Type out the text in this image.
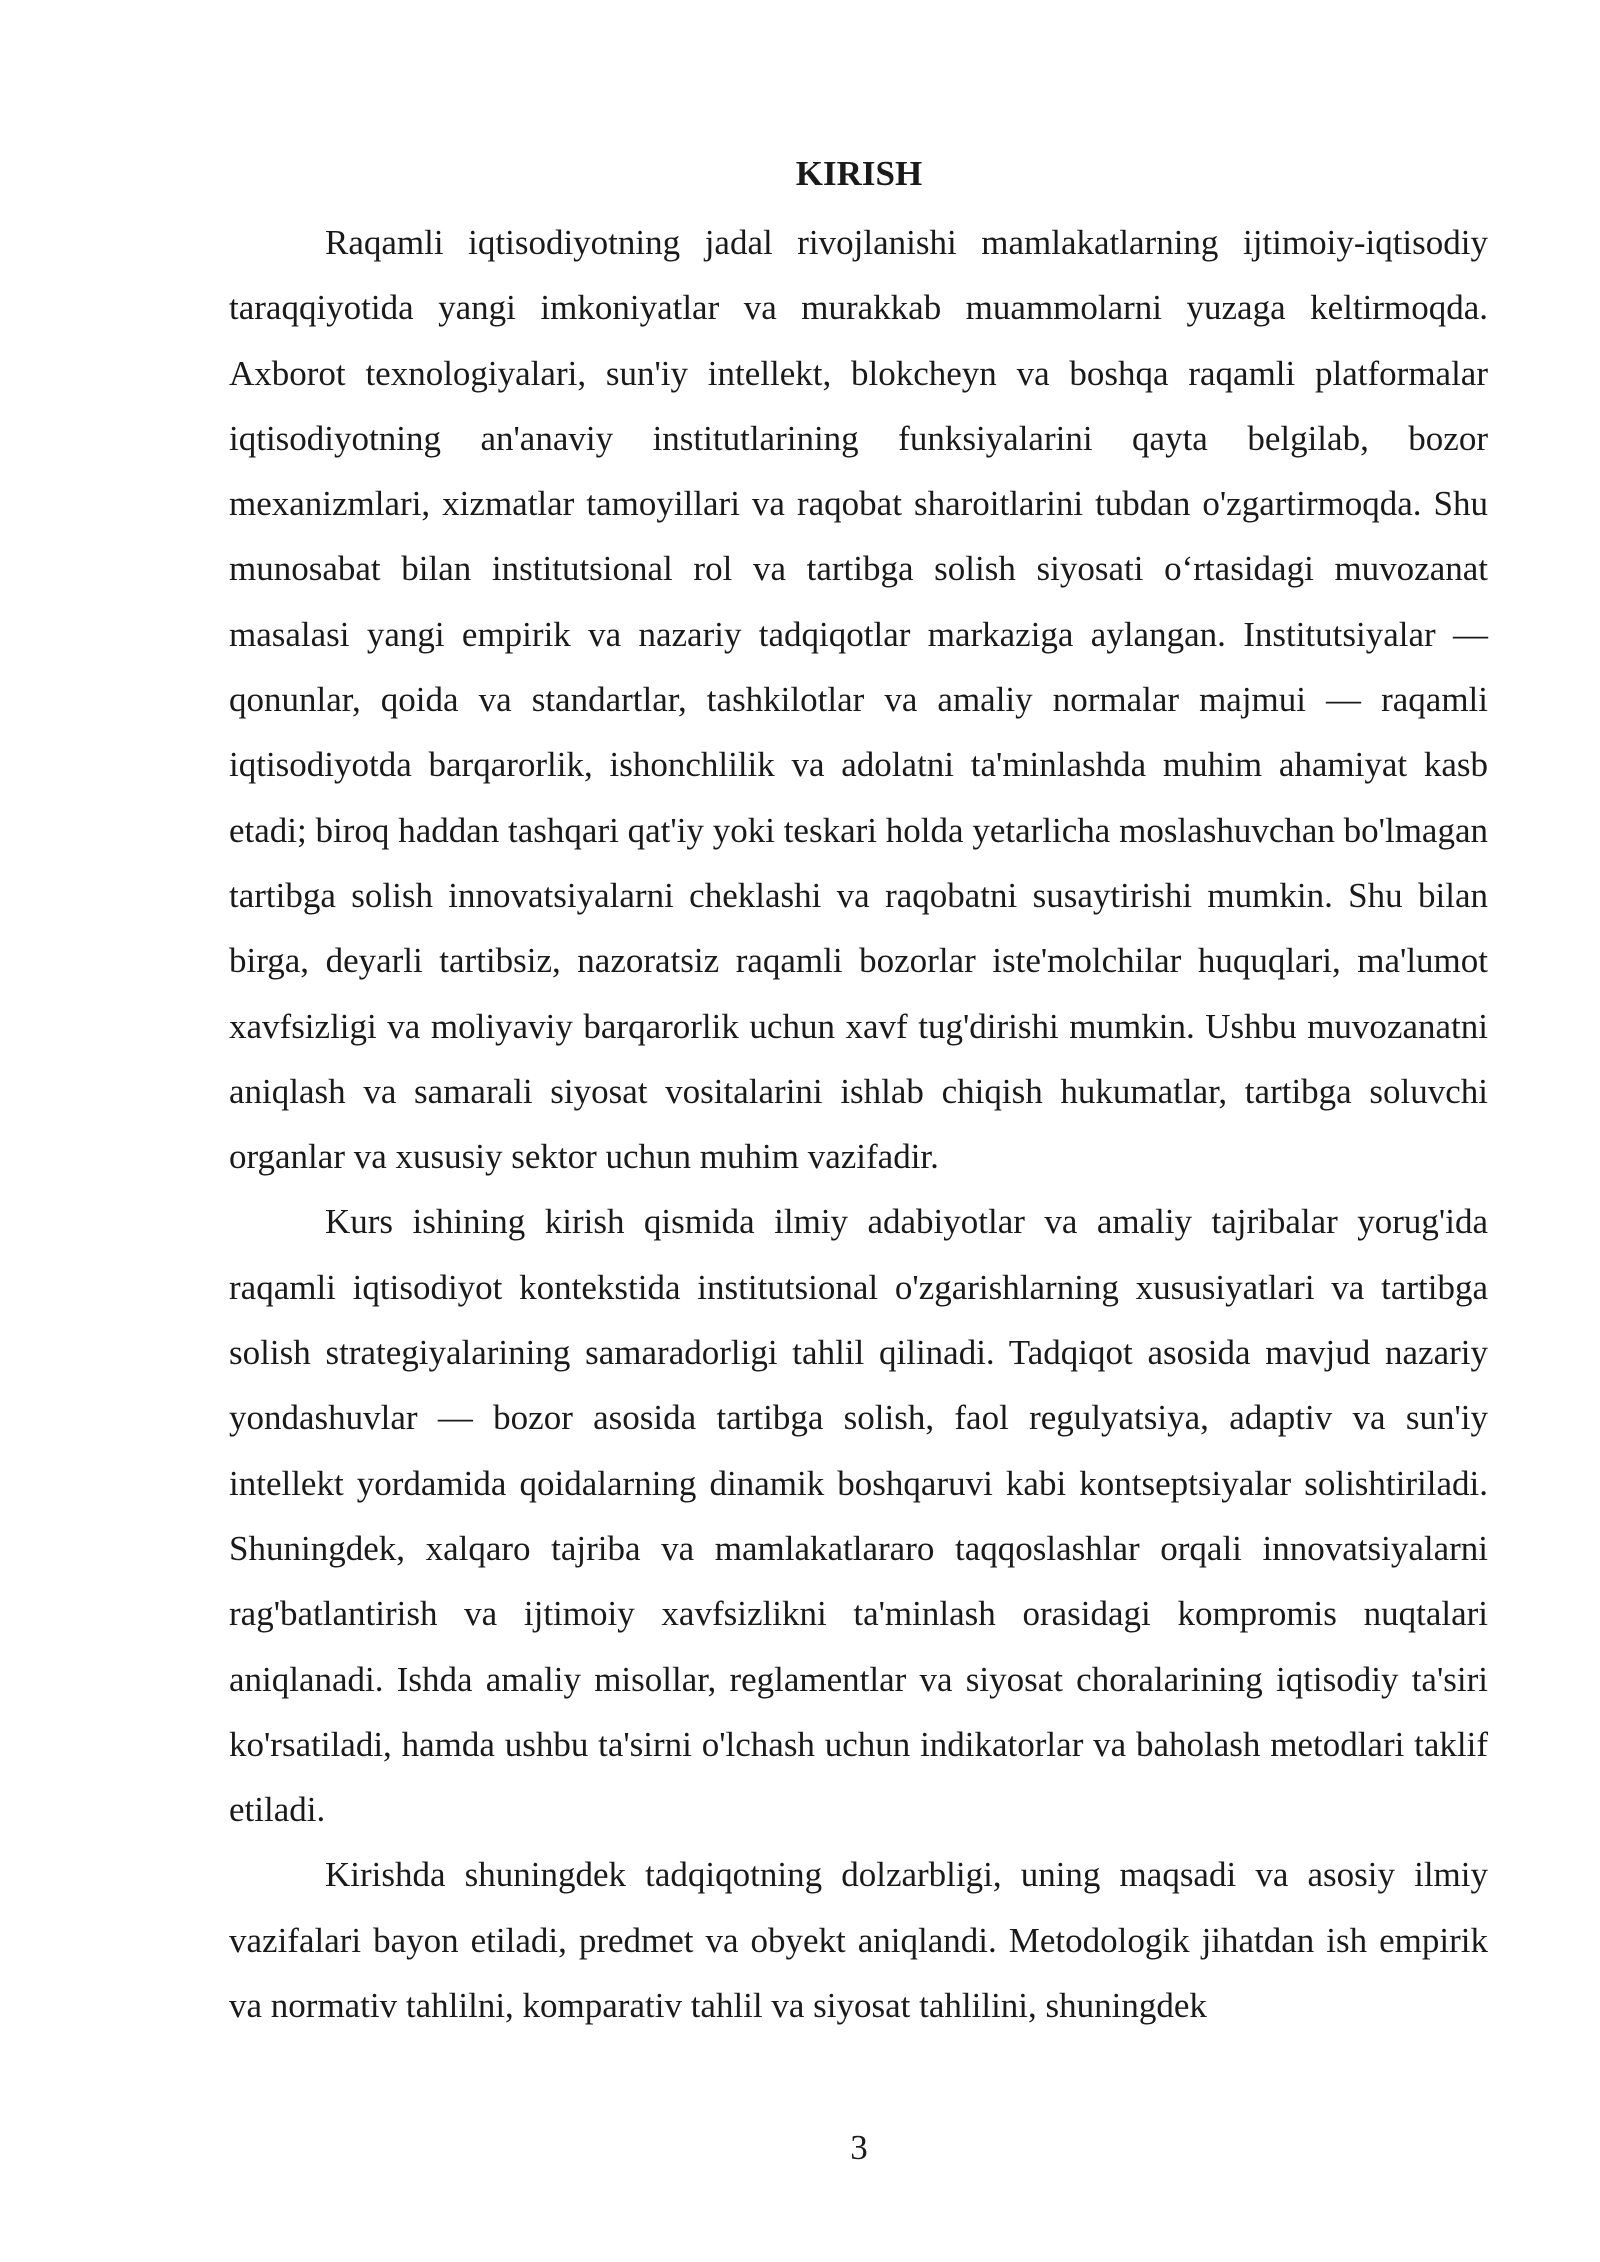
KIRISH

Raqamli iqtisodiyotning jadal rivojlanishi mamlakatlarning ijtimoiy-iqtisodiy taraqqiyotida yangi imkoniyatlar va murakkab muammolarni yuzaga keltirmoqda. Axborot texnologiyalari, sun'iy intellekt, blokcheyn va boshqa raqamli platformalar iqtisodiyotning an'anaviy institutlarining funksiyalarini qayta belgilab, bozor mexanizmlari, xizmatlar tamoyillari va raqobat sharoitlarini tubdan o'zgartirmoqda. Shu munosabat bilan institutsional rol va tartibga solish siyosati o‘rtasidagi muvozanat masalasi yangi empirik va nazariy tadqiqotlar markaziga aylangan. Institutsiyalar — qonunlar, qoida va standartlar, tashkilotlar va amaliy normalar majmui — raqamli iqtisodiyotda barqarorlik, ishonchlilik va adolatni ta'minlashda muhim ahamiyat kasb etadi; biroq haddan tashqari qat'iy yoki teskari holda yetarlicha moslashuvchan bo'lmagan tartibga solish innovatsiyalarni cheklashi va raqobatni susaytirishi mumkin. Shu bilan birga, deyarli tartibsiz, nazoratsiz raqamli bozorlar iste'molchilar huquqlari, ma'lumot xavfsizligi va moliyaviy barqarorlik uchun xavf tug'dirishi mumkin. Ushbu muvozanatni aniqlash va samarali siyosat vositalarini ishlab chiqish hukumatlar, tartibga soluvchi organlar va xususiy sektor uchun muhim vazifadir.

Kurs ishining kirish qismida ilmiy adabiyotlar va amaliy tajribalar yorug'ida raqamli iqtisodiyot kontekstida institutsional o'zgarishlarning xususiyatlari va tartibga solish strategiyalarining samaradorligi tahlil qilinadi. Tadqiqot asosida mavjud nazariy yondashuvlar — bozor asosida tartibga solish, faol regulyatsiya, adaptiv va sun'iy intellekt yordamida qoidalarning dinamik boshqaruvi kabi kontseptsiyalar solishtiriladi. Shuningdek, xalqaro tajriba va mamlakatlararo taqqoslashlar orqali innovatsiyalarni rag'batlantirish va ijtimoiy xavfsizlikni ta'minlash orasidagi kompromis nuqtalari aniqlanadi. Ishda amaliy misollar, reglamentlar va siyosat choralarining iqtisodiy ta'siri ko'rsatiladi, hamda ushbu ta'sirni o'lchash uchun indikatorlar va baholash metodlari taklif etiladi.

Kirishda shuningdek tadqiqotning dolzarbligi, uning maqsadi va asosiy ilmiy vazifalari bayon etiladi, predmet va obyekt aniqlandi. Metodologik jihatdan ish empirik va normativ tahlilni, komparativ tahlil va siyosat tahlilini, shuningdek

3
